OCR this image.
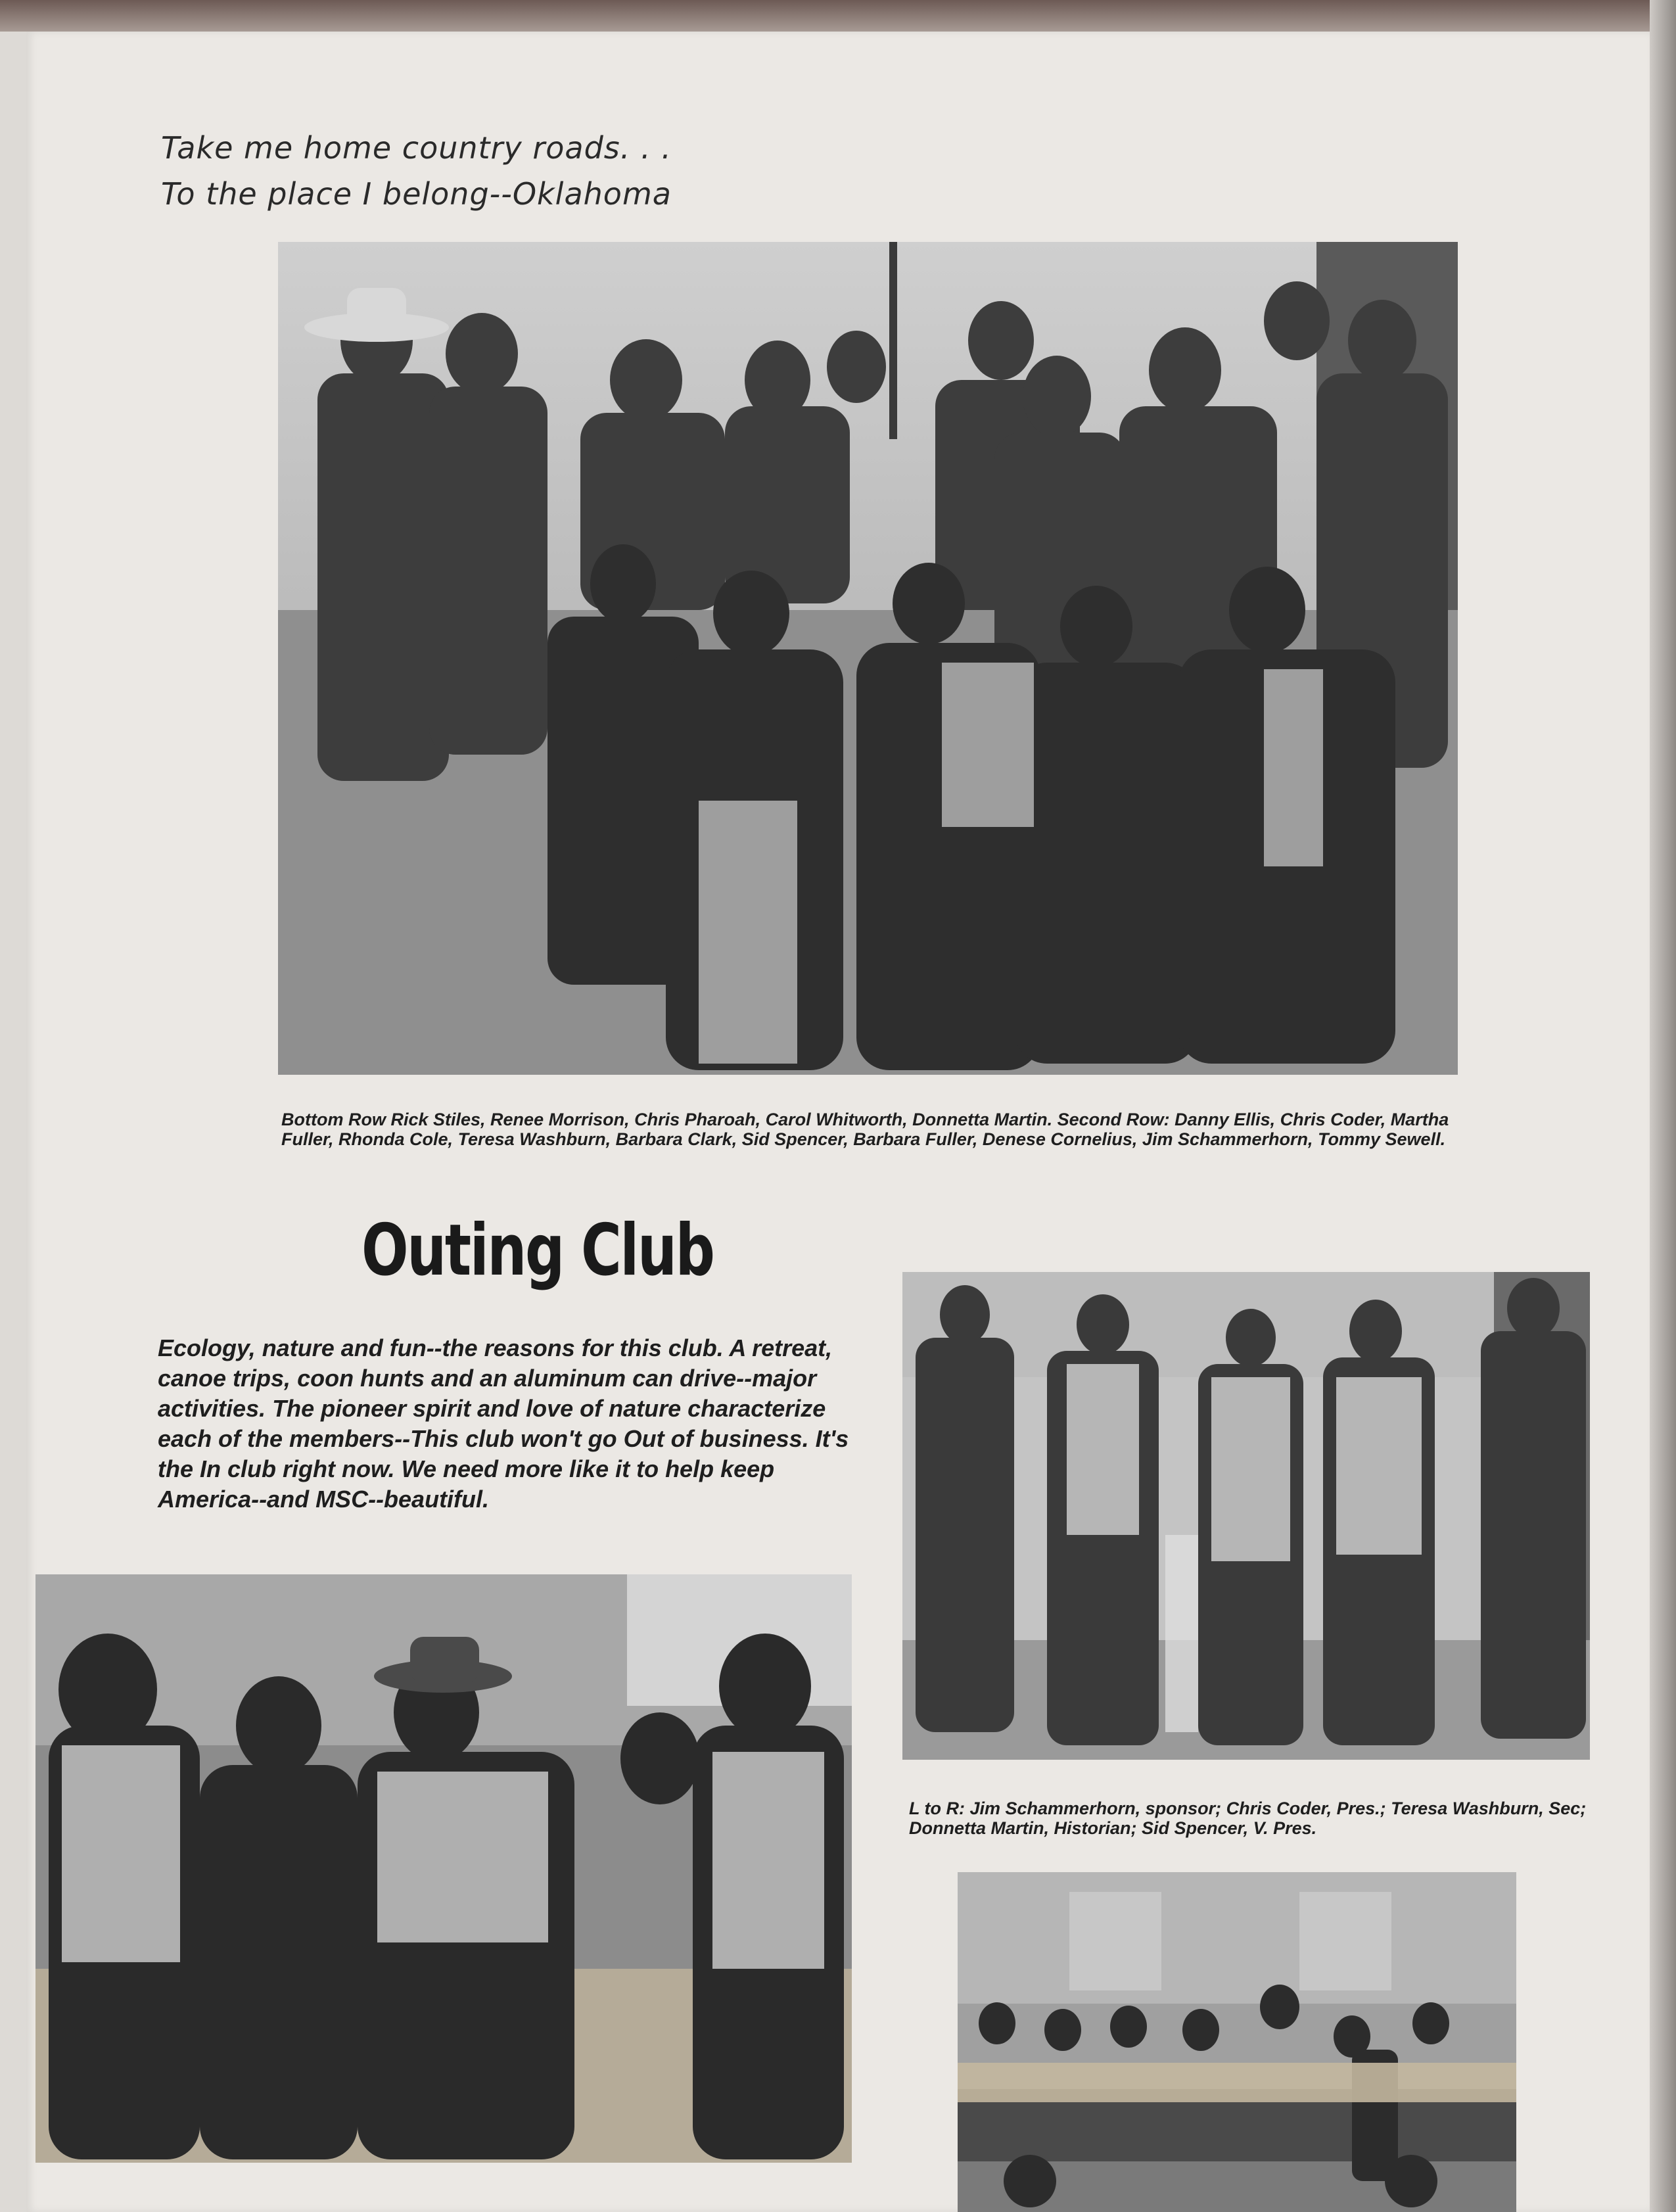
Take me home country roads. . .
To the place I belong--Oklahoma
Bottom Row Rick Stiles, Renee Morrison, Chris Pharoah, Carol Whitworth, Donnetta Martin. Second Row: Danny Ellis, Chris Coder, Martha Fuller, Rhonda Cole, Teresa Washburn, Barbara Clark, Sid Spencer, Barbara Fuller, Denese Cornelius, Jim Schammerhorn, Tommy Sewell.
Outing Club
Ecology, nature and fun--the reasons for this club. A retreat, canoe trips, coon hunts and an aluminum can drive--major activities. The pioneer spirit and love of nature characterize each of the members--This club won't go Out of business. It's the In club right now. We need more like it to help keep America--and MSC--beautiful.
L to R: Jim Schammerhorn, sponsor; Chris Coder, Pres.; Teresa Washburn, Sec; Donnetta Martin, Historian; Sid Spencer, V. Pres.
